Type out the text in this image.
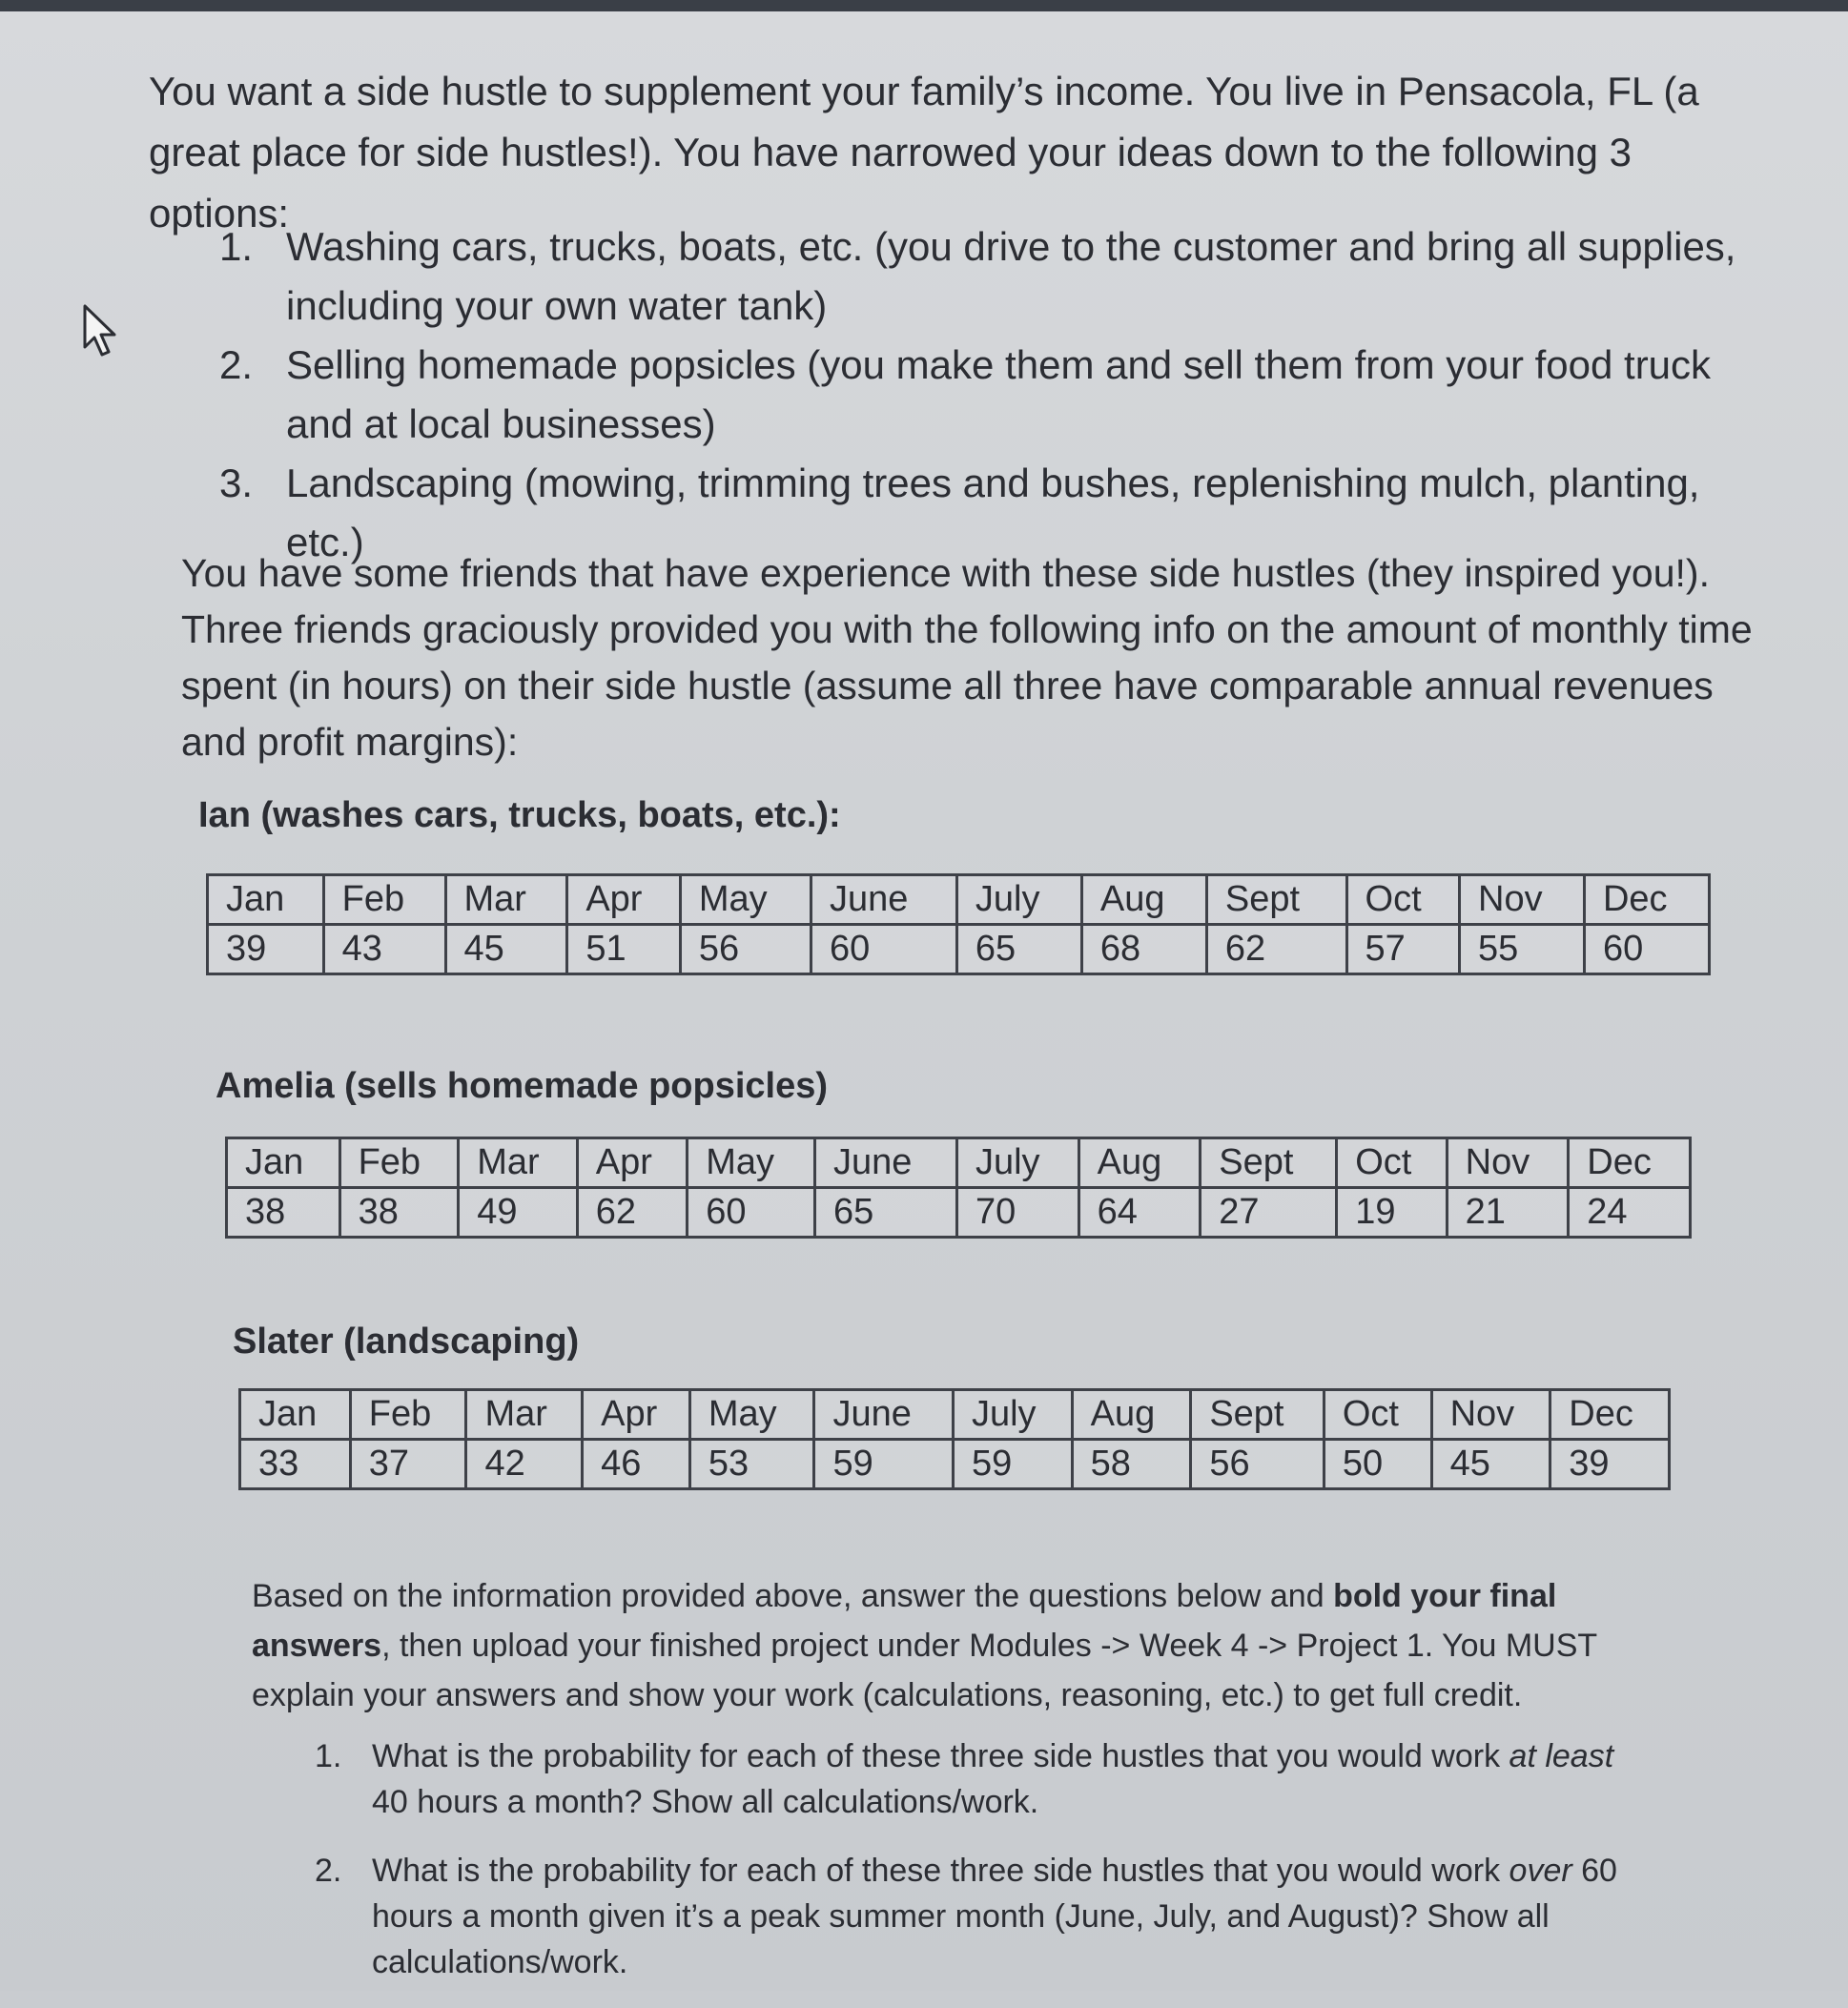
You want a side hustle to supplement your family’s income. You live in Pensacola, FL (a great place for side hustles!). You have narrowed your ideas down to the following 3 options:

1. Washing cars, trucks, boats, etc. (you drive to the customer and bring all supplies, including your own water tank)
2. Selling homemade popsicles (you make them and sell them from your food truck and at local businesses)
3. Landscaping (mowing, trimming trees and bushes, replenishing mulch, planting, etc.)

You have some friends that have experience with these side hustles (they inspired you!). Three friends graciously provided you with the following info on the amount of monthly time spent (in hours) on their side hustle (assume all three have comparable annual revenues and profit margins):

Ian (washes cars, trucks, boats, etc.):

Jan	Feb	Mar	Apr	May	June	July	Aug	Sept	Oct	Nov	Dec
39	43	45	51	56	60	65	68	62	57	55	60

Amelia (sells homemade popsicles)

Jan	Feb	Mar	Apr	May	June	July	Aug	Sept	Oct	Nov	Dec
38	38	49	62	60	65	70	64	27	19	21	24

Slater (landscaping)

Jan	Feb	Mar	Apr	May	June	July	Aug	Sept	Oct	Nov	Dec
33	37	42	46	53	59	59	58	56	50	45	39

Based on the information provided above, answer the questions below and bold your final answers, then upload your finished project under Modules -> Week 4 -> Project 1. You MUST explain your answers and show your work (calculations, reasoning, etc.) to get full credit.

1. What is the probability for each of these three side hustles that you would work at least 40 hours a month? Show all calculations/work.
2. What is the probability for each of these three side hustles that you would work over 60 hours a month given it’s a peak summer month (June, July, and August)? Show all calculations/work.
